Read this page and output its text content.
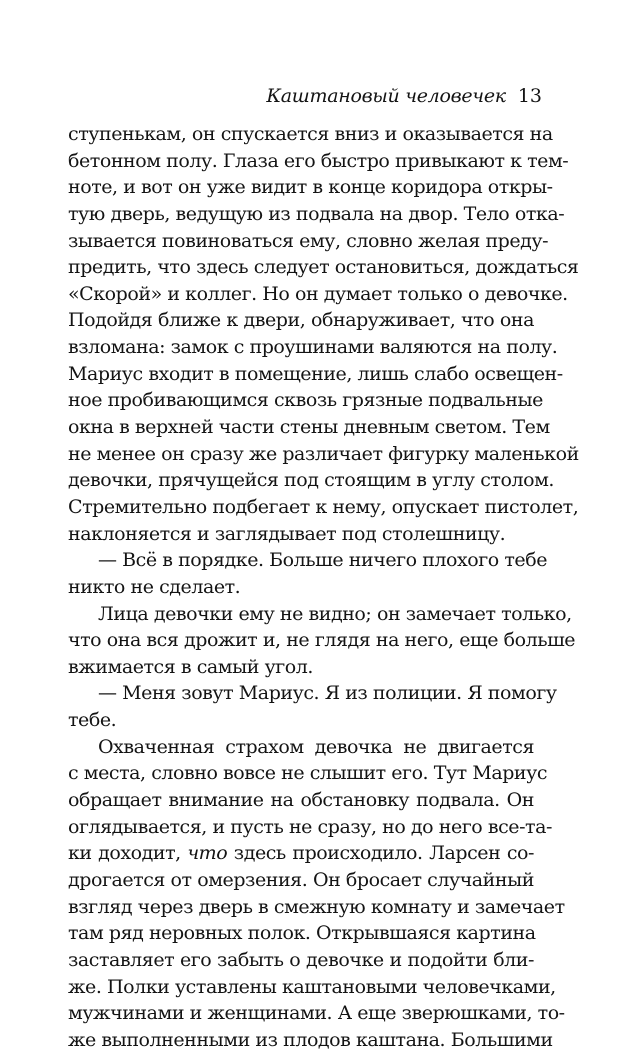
Каштановый человечек 13
ступенькам, он спускается вниз и оказывается на
бетонном полу. Глаза его быстро привыкают к тем-
ноте, и вот он уже видит в конце коридора откры-
тую дверь, ведущую из подвала на двор. Тело отка-
зывается повиноваться ему, словно желая преду-
предить, что здесь следует остановиться, дождаться
«Скорой» и коллег. Но он думает только о девочке.
Подойдя ближе к двери, обнаруживает, что она
взломана: замок с проушинами валяются на полу.
Мариус входит в помещение, лишь слабо освещен-
ное пробивающимся сквозь грязные подвальные
окна в верхней части стены дневным светом. Тем
не менее он сразу же различает фигурку маленькой
девочки, прячущейся под стоящим в углу столом.
Стремительно подбегает к нему, опускает пистолет,
наклоняется и заглядывает под столешницу.
— Всё в порядке. Больше ничего плохого тебе
никто не сделает.
Лица девочки ему не видно; он замечает только,
что она вся дрожит и, не глядя на него, еще больше
вжимается в самый угол.
— Меня зовут Мариус. Я из полиции. Я помогу
тебе.
Охваченная страхом девочка не двигается
с места, словно вовсе не слышит его. Тут Мариус
обращает внимание на обстановку подвала. Он
оглядывается, и пусть не сразу, но до него все-та-
ки доходит, что здесь происходило. Ларсен со-
дрогается от омерзения. Он бросает случайный
взгляд через дверь в смежную комнату и замечает
там ряд неровных полок. Открывшаяся картина
заставляет его забыть о девочке и подойти бли-
же. Полки уставлены каштановыми человечками,
мужчинами и женщинами. А еще зверюшками, то-
же выполненными из плодов каштана. Большими
